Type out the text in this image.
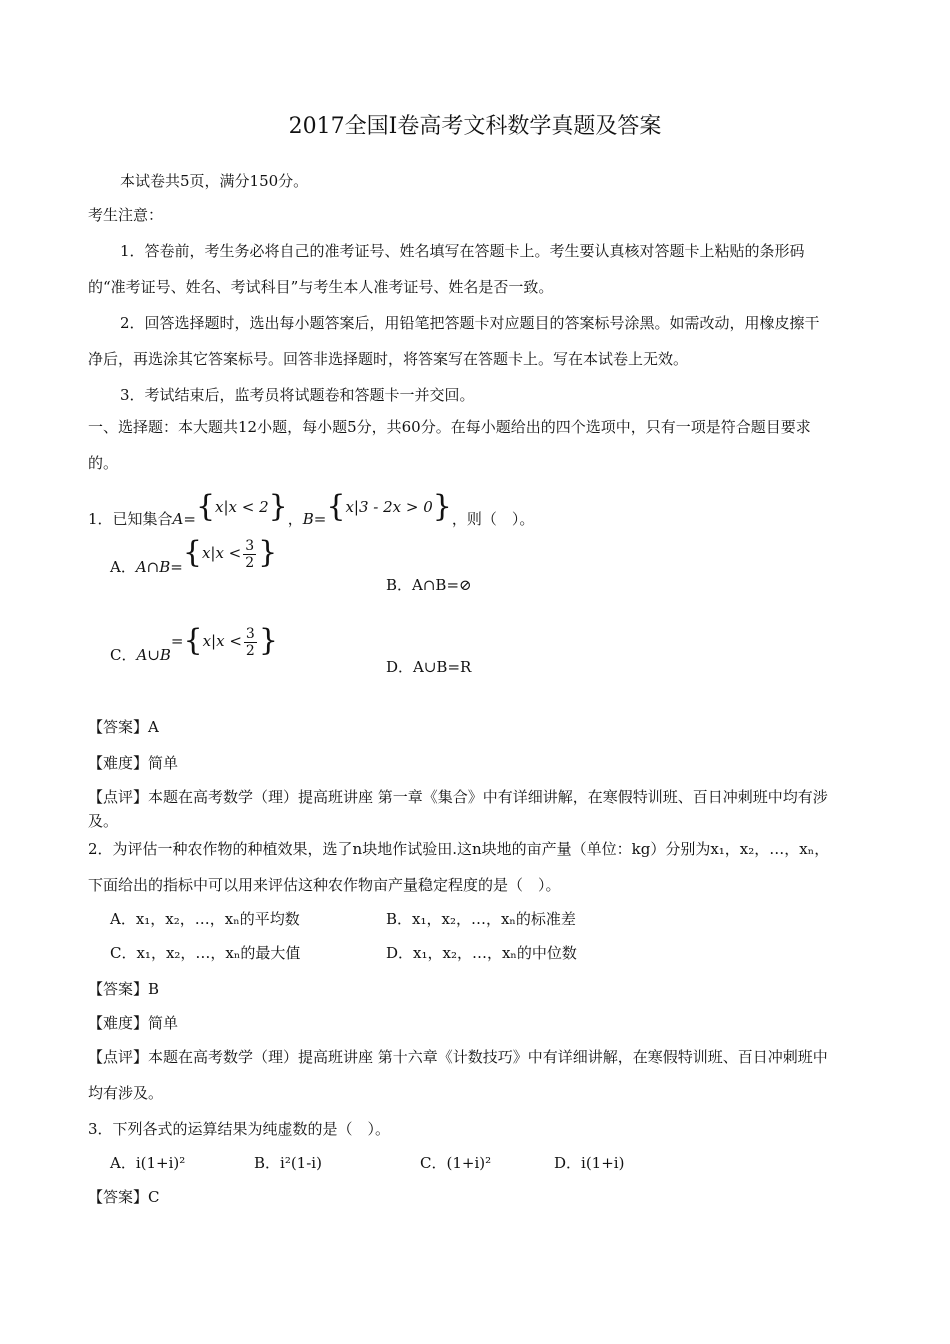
2017全国Ⅰ卷高考文科数学真题及答案
本试卷共5页，满分150分。
考生注意：
1．答卷前，考生务必将自己的准考证号、姓名填写在答题卡上。考生要认真核对答题卡上粘贴的条形码
的“准考证号、姓名、考试科目”与考生本人准考证号、姓名是否一致。
2．回答选择题时，选出每小题答案后，用铅笔把答题卡对应题目的答案标号涂黑。如需改动，用橡皮擦干
净后，再选涂其它答案标号。回答非选择题时，将答案写在答题卡上。写在本试卷上无效。
3．考试结束后，监考员将试题卷和答题卡一并交回。
一、选择题：本大题共12小题，每小题5分，共60分。在每小题给出的四个选项中，只有一项是符合题目要求
的。
1．已知集合A={x|x < 2}，B={x|3 - 2x > 0}，则（　）。
A．A∩B={x|x < $\frac{3}{2}$ }
B．A∩B=⊘
C．A∪B={x|x < $\frac{3}{2}$ }
D．A∪B=R
【答案】A
【难度】简单
【点评】本题在高考数学（理）提高班讲座 第一章《集合》中有详细讲解，在寒假特训班、百日冲刺班中均有涉
及。
2．为评估一种农作物的种植效果，选了n块地作试验田.这n块地的亩产量（单位：kg）分别为x₁，x₂，…，xₙ，
下面给出的指标中可以用来评估这种农作物亩产量稳定程度的是（　）。
A．x₁，x₂，…，xₙ的平均数	B．x₁，x₂，…，xₙ的标准差
C．x₁，x₂，…，xₙ的最大值	D．x₁，x₂，…，xₙ的中位数
【答案】B
【难度】简单
【点评】本题在高考数学（理）提高班讲座 第十六章《计数技巧》中有详细讲解，在寒假特训班、百日冲刺班中
均有涉及。
3．下列各式的运算结果为纯虚数的是（　）。
A．i(1+i)²	B．i²(1-i)	C．(1+i)²	D．i(1+i)
【答案】C
